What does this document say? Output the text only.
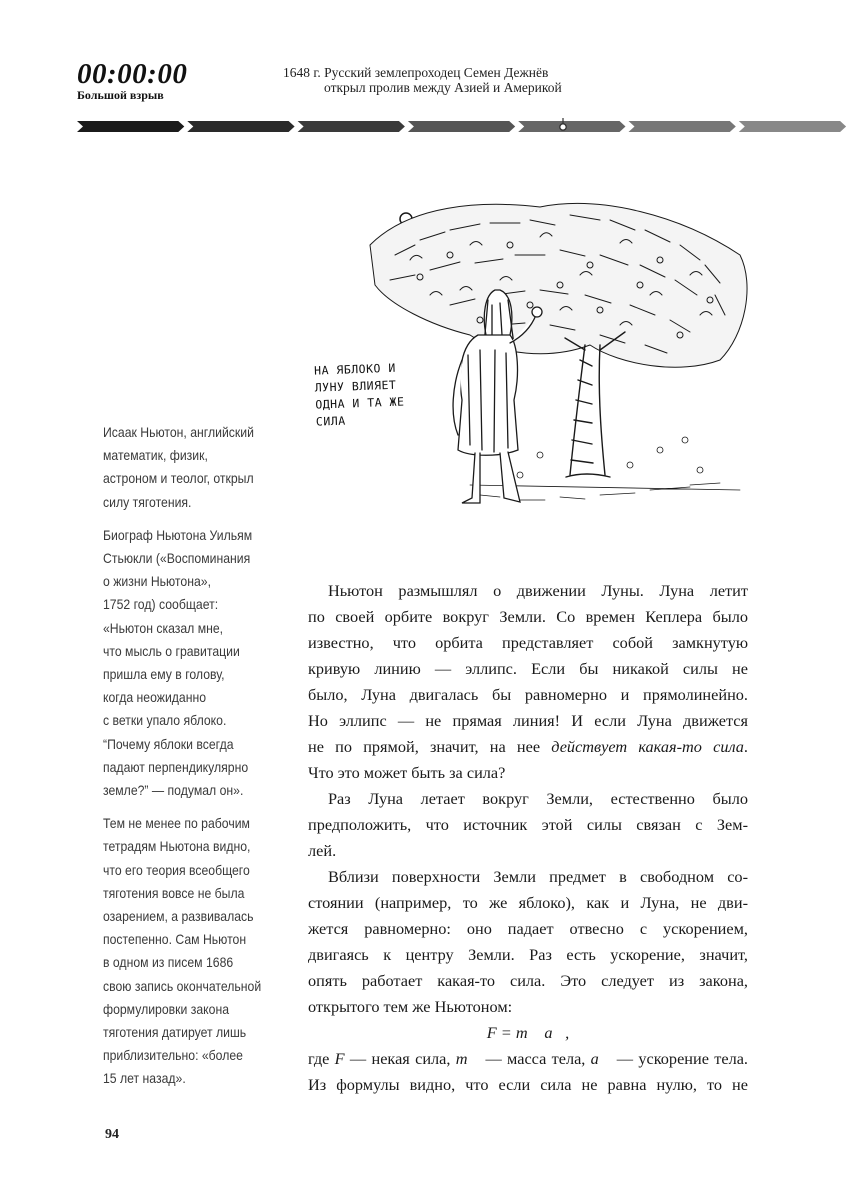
00:00:00
Большой взрыв
1648 г. Русский землепроходец Семен Дежнёв
открыл пролив между Азией и Америкой
НА ЯБЛОКО И
ЛУНУ ВЛИЯЕТ
ОДНА И ТА ЖЕ
СИЛА
Исаак Ньютон, английский
математик, физик,
астроном и теолог, открыл
силу тяготения.
Биограф Ньютона Уильям
Стьюкли («Воспоминания
о жизни Ньютона»,
1752 год) сообщает:
«Ньютон сказал мне,
что мысль о гравитации
пришла ему в голову,
когда неожиданно
с ветки упало яблоко.
“Почему яблоки всегда
падают перпендикулярно
земле?” — подумал он».
Тем не менее по рабочим
тетрадям Ньютона видно,
что его теория всеобщего
тяготения вовсе не была
озарением, а развивалась
постепенно. Сам Ньютон
в одном из писем 1686
свою запись окончательной
формулировки закона
тяготения датирует лишь
приблизительно: «более
15 лет назад».
Ньютон размышлял о движении Луны. Луна летит
по своей орбите вокруг Земли. Со времен Кеплера было
известно, что орбита представляет собой замкнутую
кривую линию — эллипс. Если бы никакой силы не
было, Луна двигалась бы равномерно и прямолинейно.
Но эллипс — не прямая линия! И если Луна движется
не по прямой, значит, на нее действует какая-то сила.
Что это может быть за сила?
Раз Луна летает вокруг Земли, естественно было
предположить, что источник этой силы связан с Зем-
лей.
Вблизи поверхности Земли предмет в свободном со-
стоянии (например, то же яблоко), как и Луна, не дви-
жется равномерно: оно падает отвесно с ускорением,
двигаясь к центру Земли. Раз есть ускорение, значит,
опять работает какая-то сила. Это следует из закона,
открытого тем же Ньютоном:
F = m⃗ a⃗,
где F — некая сила, m⃗ — масса тела, a⃗ — ускорение тела.
Из формулы видно, что если сила не равна нулю, то не
94
